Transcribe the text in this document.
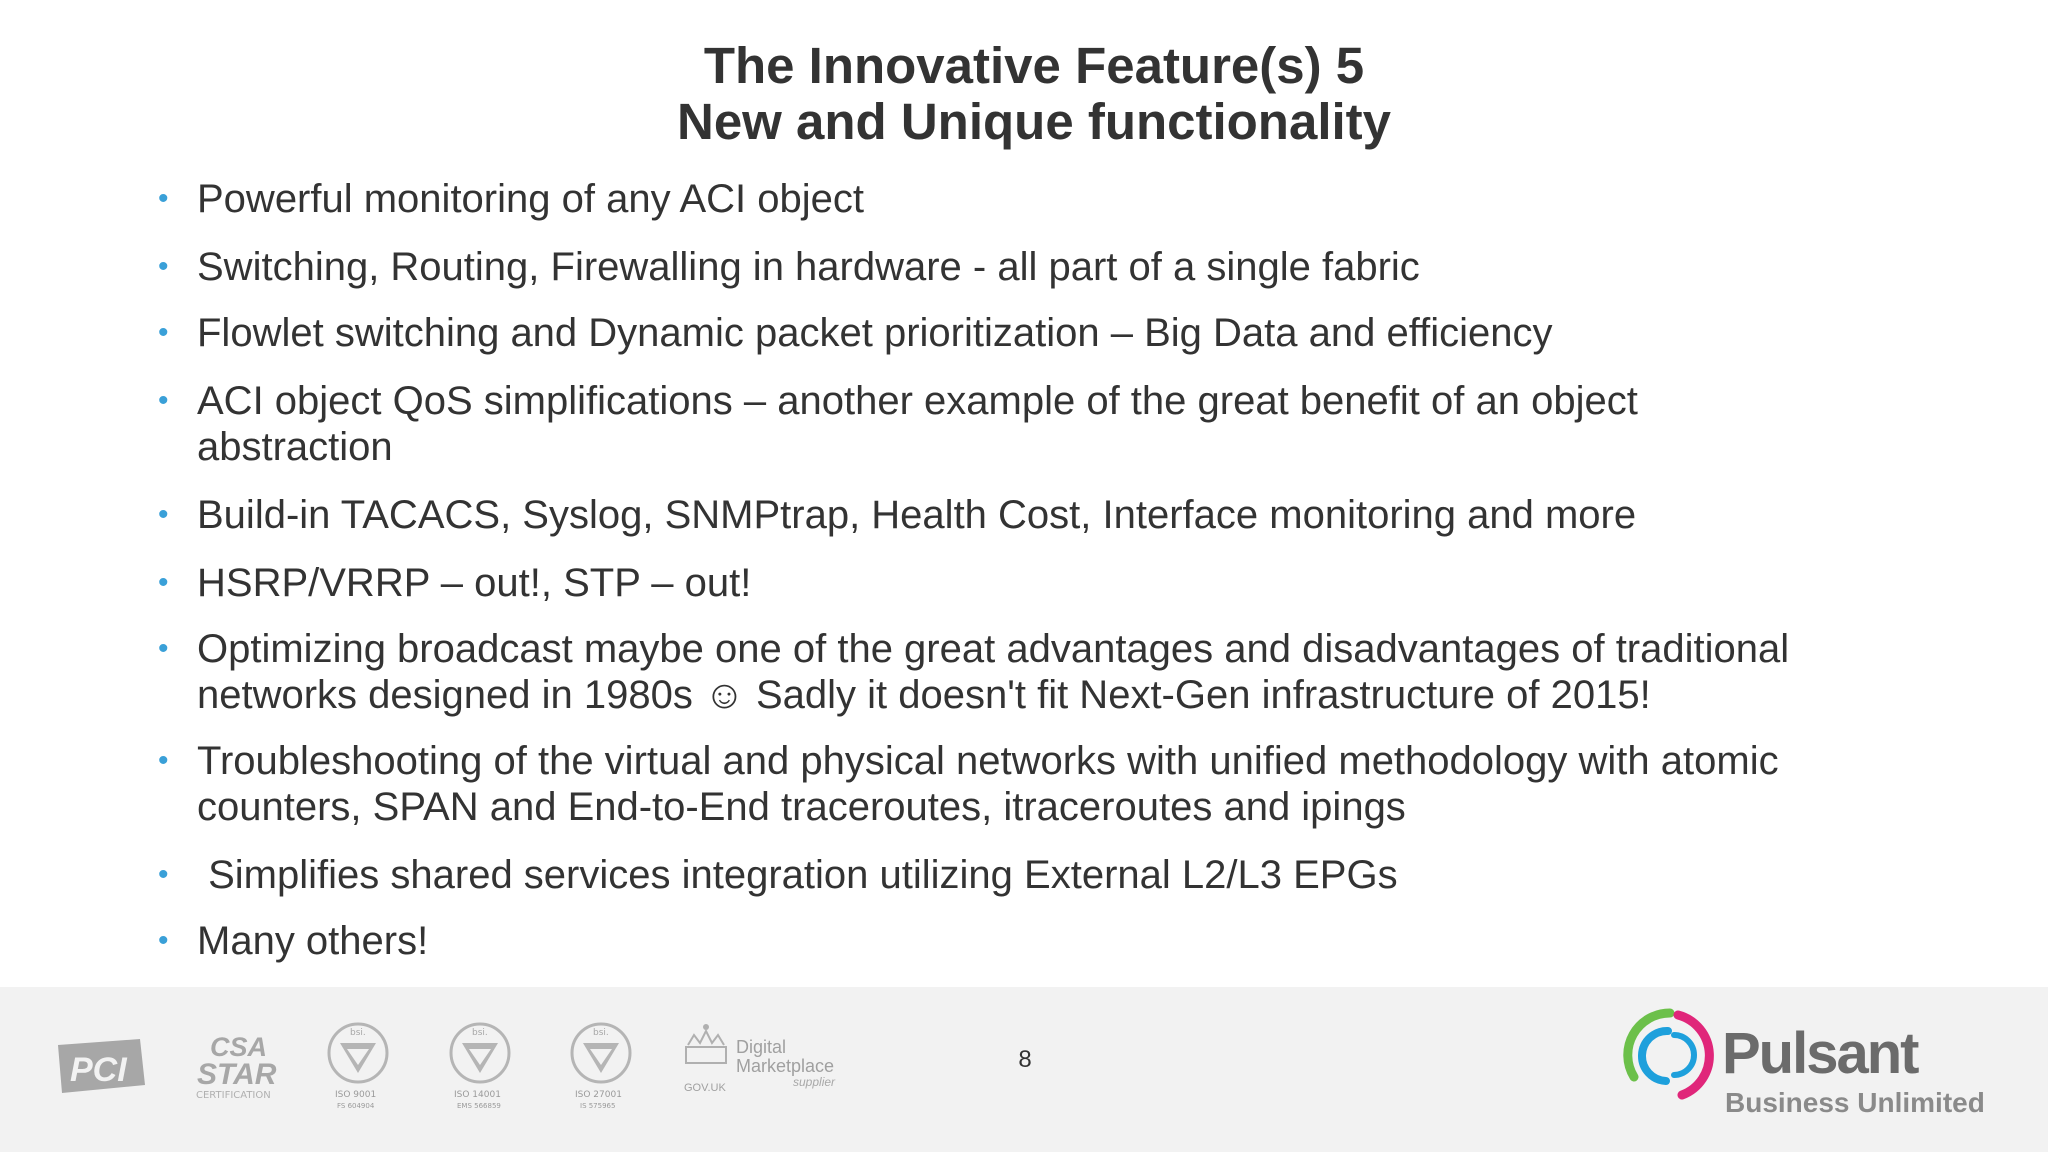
The Innovative Feature(s) 5
New and Unique functionality
• Powerful monitoring of any ACI object
• Switching, Routing, Firewalling in hardware - all part of a single fabric
• Flowlet switching and Dynamic packet prioritization – Big Data and efficiency
• ACI object QoS simplifications – another example of the great benefit of an object
abstraction
• Build-in TACACS, Syslog, SNMPtrap, Health Cost, Interface monitoring and more
• HSRP/VRRP – out!, STP – out!
• Optimizing broadcast maybe one of the great advantages and disadvantages of traditional
networks designed in 1980s ☺ Sadly it doesn't fit Next-Gen infrastructure of 2015!
• Troubleshooting of the virtual and physical networks with unified methodology with atomic
counters, SPAN and End-to-End traceroutes, itraceroutes and ipings
•  Simplifies shared services integration utilizing External L2/L3 EPGs
• Many others!
PCI
CSA
STAR
CERTIFICATION
bsi.
ISO 9001
FS 604904
bsi.
ISO 14001
EMS 566859
bsi.
ISO 27001
IS 575965
Digital
Marketplace
supplier
GOV.UK
8	Pulsant
Business Unlimited
